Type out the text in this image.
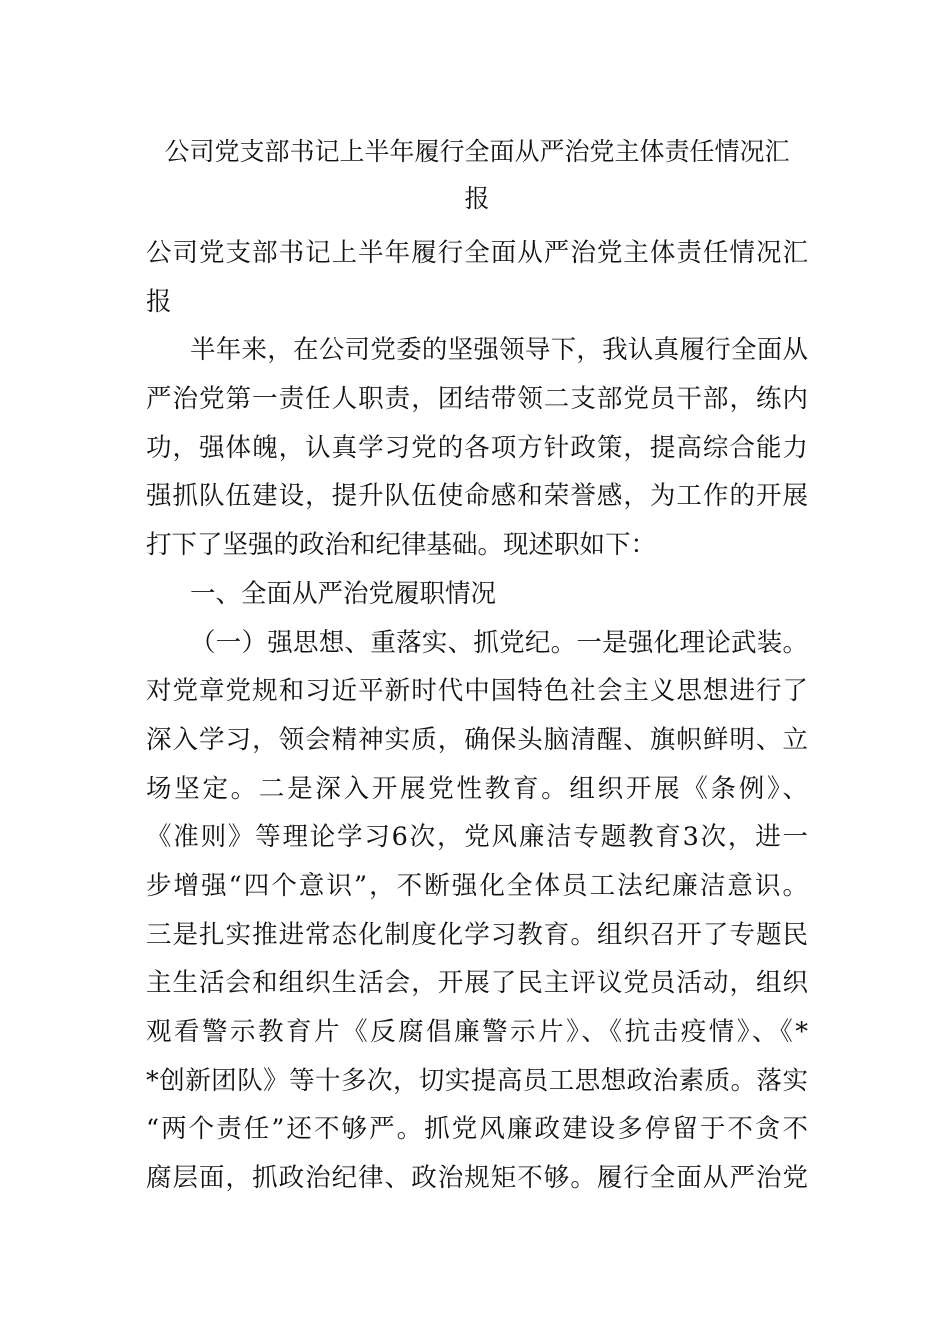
公司党支部书记上半年履行全面从严治党主体责任情况汇
报
公司党支部书记上半年履行全面从严治党主体责任情况汇
报
半年来，在公司党委的坚强领导下，我认真履行全面从
严治党第一责任人职责，团结带领二支部党员干部，练内
功，强体魄，认真学习党的各项方针政策，提高综合能力
强抓队伍建设，提升队伍使命感和荣誉感，为工作的开展
打下了坚强的政治和纪律基础。现述职如下：
一、全面从严治党履职情况
（一）强思想、重落实、抓党纪。一是强化理论武装。
对党章党规和习近平新时代中国特色社会主义思想进行了
深入学习，领会精神实质，确保头脑清醒、旗帜鲜明、立
场坚定。二是深入开展党性教育。组织开展《条例》、
《准则》等理论学习6次，党风廉洁专题教育3次，进一
步增强“四个意识”，不断强化全体员工法纪廉洁意识。
三是扎实推进常态化制度化学习教育。组织召开了专题民
主生活会和组织生活会，开展了民主评议党员活动，组织
观看警示教育片《反腐倡廉警示片》、《抗击疫情》、《*
*创新团队》等十多次，切实提高员工思想政治素质。落实
“两个责任”还不够严。抓党风廉政建设多停留于不贪不
腐层面，抓政治纪律、政治规矩不够。履行全面从严治党
